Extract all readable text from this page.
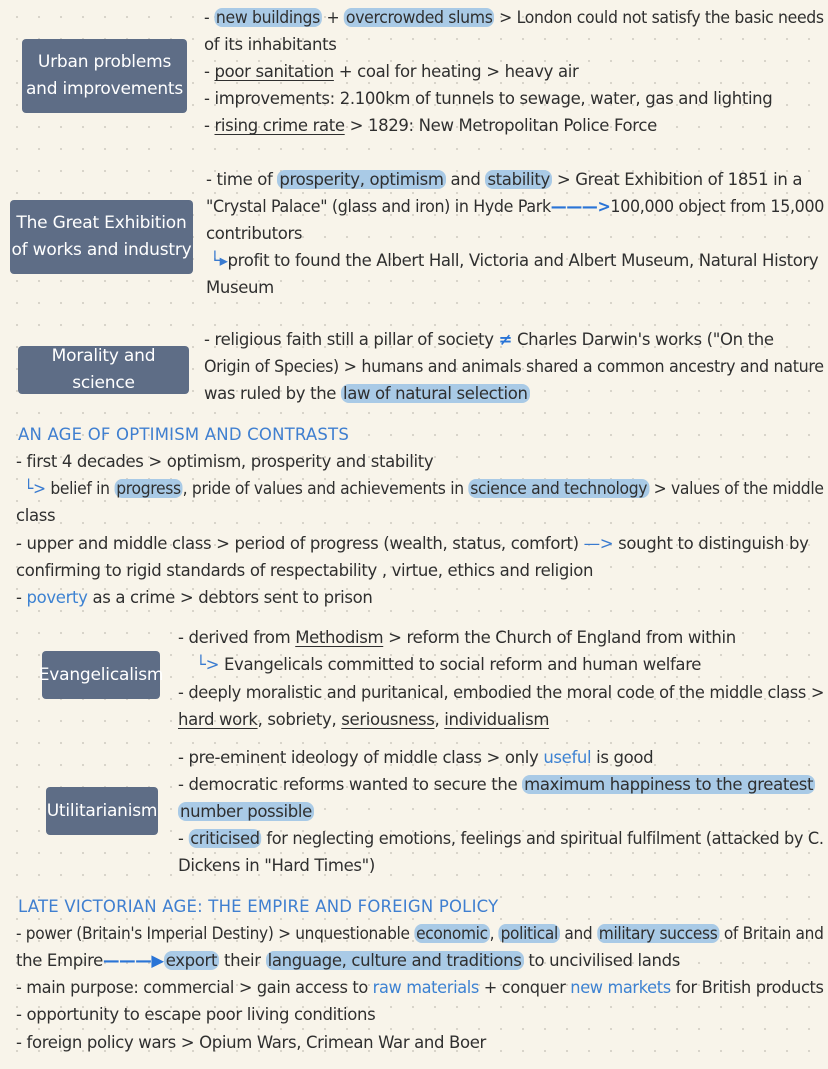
Urban problems
and improvements
- new buildings + overcrowded slums > London could not satisfy the basic needs
of its inhabitants
- poor sanitation + coal for heating > heavy air
- improvements: 2.100km of tunnels to sewage, water, gas and lighting
- rising crime rate > 1829: New Metropolitan Police Force
The Great Exhibition
of works and industry
- time of prosperity, optimism and stability > Great Exhibition of 1851 in a
"Crystal Palace" (glass and iron) in Hyde Park———>100,000 object from 15,000
contributors
└▸profit to found the Albert Hall, Victoria and Albert Museum, Natural History
Museum
Morality and science
- religious faith still a pillar of society ≠ Charles Darwin's works ("On the
Origin of Species) > humans and animals shared a common ancestry and nature
was ruled by the law of natural selection
AN AGE OF OPTIMISM AND CONTRASTS
- first 4 decades > optimism, prosperity and stability
└> belief in progress , pride of values and achievements in science and technology > values of the middle
class
- upper and middle class > period of progress (wealth, status, comfort) —> sought to distinguish by
confirming to rigid standards of respectability , virtue, ethics and religion
- poverty as a crime > debtors sent to prison
Evangelicalism
- derived from Methodism > reform the Church of England from within
└> Evangelicals committed to social reform and human welfare
- deeply moralistic and puritanical, embodied the moral code of the middle class >
hard work, sobriety, seriousness, individualism
Utilitarianism
- pre-eminent ideology of middle class > only useful is good
- democratic reforms wanted to secure the maximum happiness to the greatest
number possible
- criticised for neglecting emotions, feelings and spiritual fulfilment (attacked by C.
Dickens in "Hard Times")
LATE VICTORIAN AGE: THE EMPIRE AND FOREIGN POLICY
- power (Britain's Imperial Destiny) > unquestionable economic , political and military success of Britain and
the Empire———▶ export their language, culture and traditions to uncivilised lands
- main purpose: commercial > gain access to raw materials + conquer new markets for British products
- opportunity to escape poor living conditions
- foreign policy wars > Opium Wars, Crimean War and Boer
